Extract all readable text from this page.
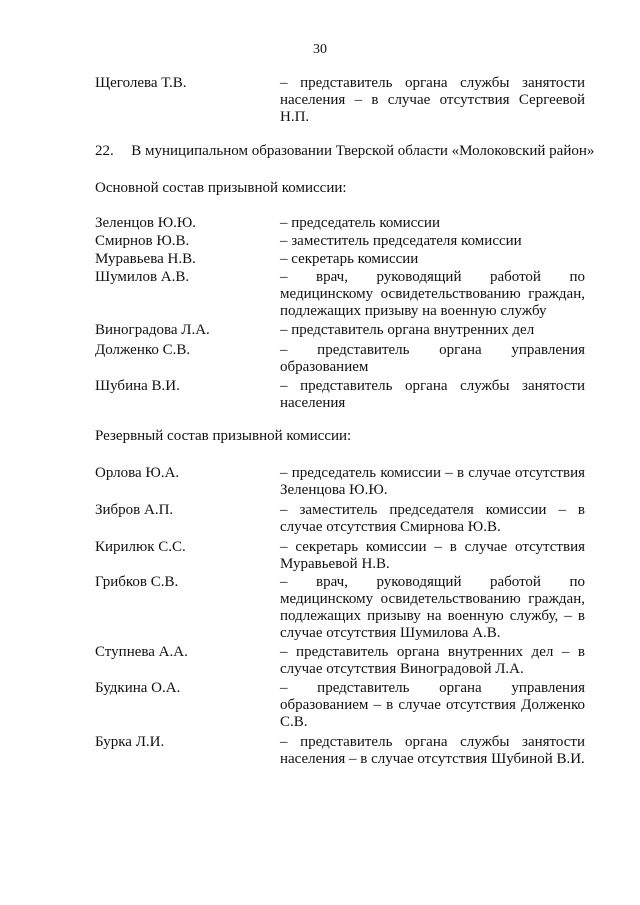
30
Щеголева Т.В.	– представитель органа службы занятости
населения – в случае отсутствия Сергеевой
Н.П.
22. В муниципальном образовании Тверской области «Молоковский район»
Основной состав призывной комиссии:
Зеленцов Ю.Ю.	– председатель комиссии
Смирнов Ю.В.	– заместитель председателя комиссии
Муравьева Н.В.	– секретарь комиссии
Шумилов А.В.	– врач, руководящий работой по
медицинскому освидетельствованию граждан,
подлежащих призыву на военную службу
Виноградова Л.А.	– представитель органа внутренних дел
Долженко С.В.	– представитель органа управления
образованием
Шубина В.И.	– представитель органа службы занятости
населения
Резервный состав призывной комиссии:
Орлова Ю.А.	– председатель комиссии – в случае отсутствия
Зеленцова Ю.Ю.
Зибров А.П.	– заместитель председателя комиссии – в
случае отсутствия Смирнова Ю.В.
Кирилюк С.С.	– секретарь комиссии – в случае отсутствия
Муравьевой Н.В.
Грибков С.В.	– врач, руководящий работой по
медицинскому освидетельствованию граждан,
подлежащих призыву на военную службу, – в
случае отсутствия Шумилова А.В.
Ступнева А.А.	– представитель органа внутренних дел – в
случае отсутствия Виноградовой Л.А.
Будкина О.А.	– представитель органа управления
образованием – в случае отсутствия Долженко
С.В.
Бурка Л.И.	– представитель органа службы занятости
населения – в случае отсутствия Шубиной В.И.
